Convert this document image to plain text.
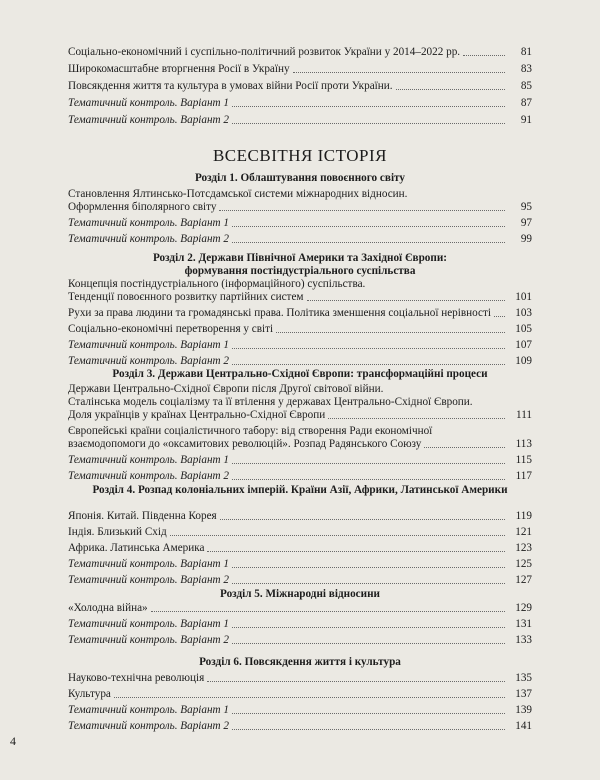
Соціально-економічний і суспільно-політичний розвиток України у 2014–2022 рр.	81
Широкомасштабне вторгнення Росії в Україну	83
Повсякдення життя та культура в умовах війни Росії проти України.	85
Тематичний контроль. Варіант 1	87
Тематичний контроль. Варіант 2	91
ВСЕСВІТНЯ ІСТОРІЯ
Розділ 1. Облаштування повоєнного світу
Становлення Ялтинсько-Потсдамської системи міжнародних відносин.
Оформлення біполярного світу	95
Тематичний контроль. Варіант 1	97
Тематичний контроль. Варіант 2	99
Розділ 2. Держави Північної Америки та Західної Європи:
формування постіндустріального суспільства
Концепція постіндустріального (інформаційного) суспільства.
Тенденції повоєнного розвитку партійних систем	101
Рухи за права людини та громадянські права. Політика зменшення соціальної нерівності	103
Соціально-економічні перетворення у світі	105
Тематичний контроль. Варіант 1	107
Тематичний контроль. Варіант 2	109
Розділ 3. Держави Центрально-Східної Європи: трансформаційні процеси
Держави Центрально-Східної Європи після Другої світової війни.
Сталінська модель соціалізму та її втілення у державах Центрально-Східної Європи.
Доля українців у країнах Центрально-Східної Європи	111
Європейські країни соціалістичного табору: від створення Ради економічної
взаємодопомоги до «оксамитових революцій». Розпад Радянського Союзу	113
Тематичний контроль. Варіант 1	115
Тематичний контроль. Варіант 2	117
Розділ 4. Розпад колоніальних імперій. Країни Азії, Африки, Латинської Америки
Японія. Китай. Південна Корея	119
Індія. Близький Схід	121
Африка. Латинська Америка	123
Тематичний контроль. Варіант 1	125
Тематичний контроль. Варіант 2	127
Розділ 5. Міжнародні відносини
«Холодна війна»	129
Тематичний контроль. Варіант 1	131
Тематичний контроль. Варіант 2	133
Розділ 6. Повсякдення життя і культура
Науково-технічна революція	135
Культура	137
Тематичний контроль. Варіант 1	139
Тематичний контроль. Варіант 2	141
4
